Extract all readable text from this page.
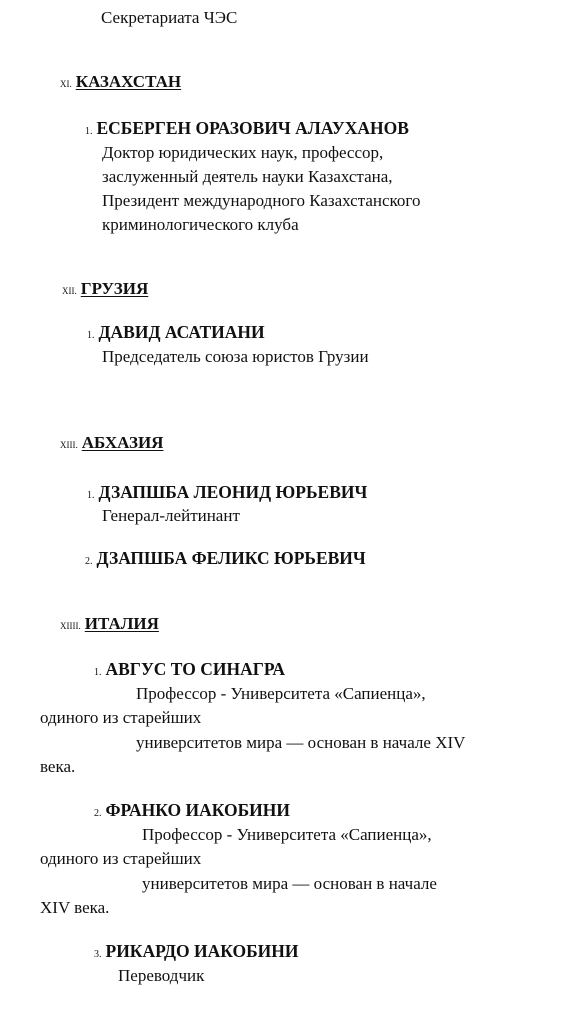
Секретариата ЧЭС
XI. КАЗАХСТАН
1. ЕСБЕРГЕН ОРАЗОВИЧ АЛАУХАНОВ
Доктор юридических наук, профессор,
заслуженный деятель науки Казахстана,
Президент международного Казахстанского
криминологического клуба
XII. ГРУЗИЯ
1. ДАВИД АСАТИАНИ
Председатель союза юристов Грузии
XIII. АБХАЗИЯ
1. ДЗАПШБА ЛЕОНИД ЮРЬЕВИЧ
Генерал-лейтинант
2. ДЗАПШБА ФЕЛИКС ЮРЬЕВИЧ
XIIII. ИТАЛИЯ
1. АВГУС ТО СИНАГРА
Профессор - Университета «Сапиенца»,
одиного из старейших
университетов мира — основан в начале XIV
века.
2. ФРАНКО ИАКОБИНИ
Профессор - Университета «Сапиенца»,
одиного из старейших
университетов мира — основан в начале
XIV века.
3. РИКАРДО ИАКОБИНИ
Переводчик
